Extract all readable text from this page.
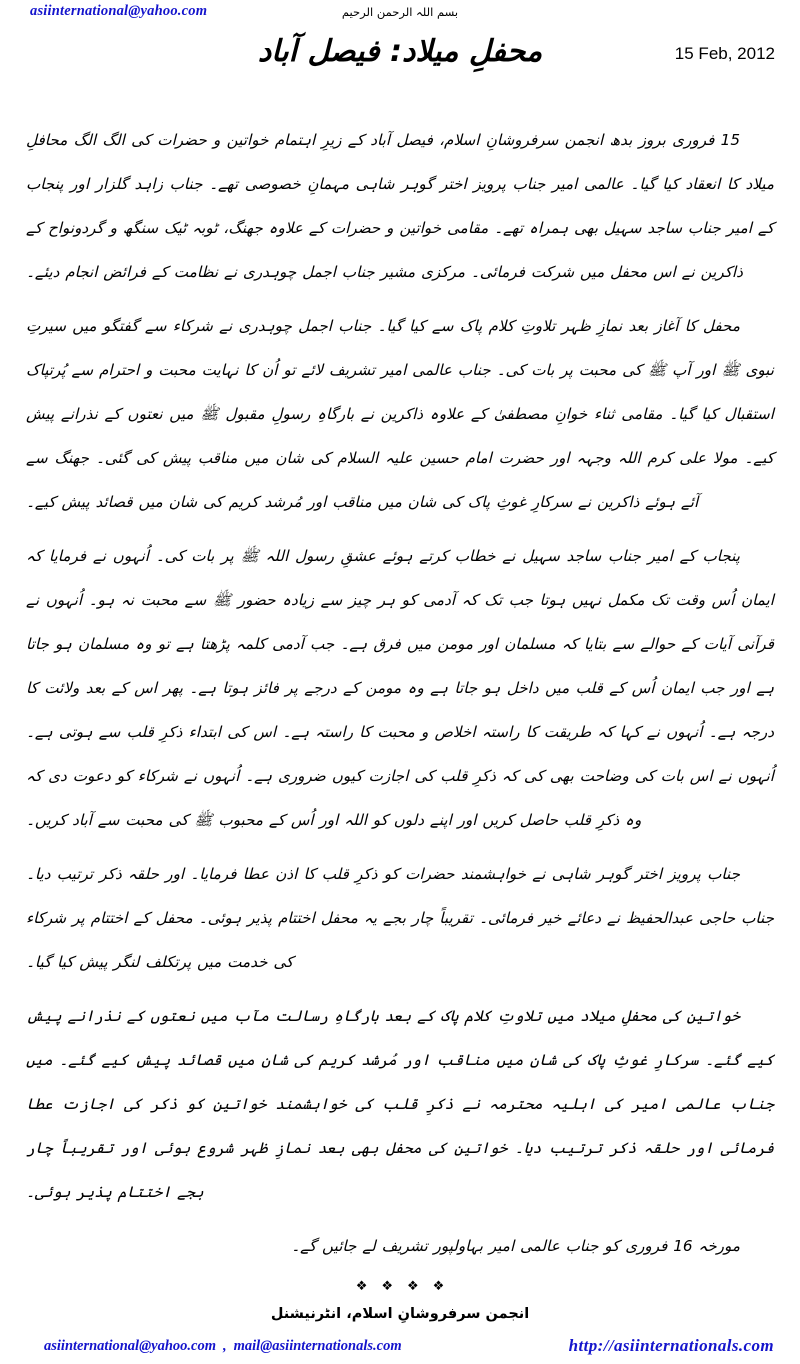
asiinternational@yahoo.com	بسم اللہ الرحمن الرحیم
محفلِ میلاد: فیصل آباد	15 Feb, 2012

15 فروری بروز بدھ انجمن سرفروشانِ اسلام، فیصل آباد کے زیرِ اہتمام خواتین و حضرات کی الگ الگ محافلِ میلاد کا انعقاد کیا گیا۔ عالمی امیر جناب پرویز اختر گوہر شاہی مہمانِ خصوصی تھے۔ جناب زاہد گلزار اور پنجاب کے امیر جناب ساجد سہیل بھی ہمراہ تھے۔ مقامی خواتین و حضرات کے علاوہ جھنگ، ٹوبہ ٹیک سنگھ و گردونواح کے ذاکرین نے اس محفل میں شرکت فرمائی۔ مرکزی مشیر جناب اجمل چوہدری نے نظامت کے فرائض انجام دیئے۔

محفل کا آغاز بعد نمازِ ظہر تلاوتِ کلام پاک سے کیا گیا۔ جناب اجمل چوہدری نے شرکاء سے گفتگو میں سیرتِ نبوی ﷺ اور آپ ﷺ کی محبت پر بات کی۔ جناب عالمی امیر تشریف لائے تو اُن کا نہایت محبت و احترام سے پُرتپاک استقبال کیا گیا۔ مقامی ثناء خوانِ مصطفیٰ کے علاوہ ذاکرین نے بارگاہِ رسولِ مقبول ﷺ میں نعتوں کے نذرانے پیش کیے۔ مولا علی کرم اللہ وجہہ اور حضرت امام حسین علیہ السلام کی شان میں مناقب پیش کی گئی۔ جھنگ سے آئے ہوئے ذاکرین نے سرکارِ غوثِ پاک کی شان میں مناقب اور مُرشد کریم کی شان میں قصائد پیش کیے۔

پنجاب کے امیر جناب ساجد سہیل نے خطاب کرتے ہوئے عشقِ رسول اللہ ﷺ پر بات کی۔ اُنہوں نے فرمایا کہ ایمان اُس وقت تک مکمل نہیں ہوتا جب تک کہ آدمی کو ہر چیز سے زیادہ حضور ﷺ سے محبت نہ ہو۔ اُنہوں نے قرآنی آیات کے حوالے سے بتایا کہ مسلمان اور مومن میں فرق ہے۔ جب آدمی کلمہ پڑھتا ہے تو وہ مسلمان ہو جاتا ہے اور جب ایمان اُس کے قلب میں داخل ہو جاتا ہے وہ مومن کے درجے پر فائز ہوتا ہے۔ پھر اس کے بعد ولائت کا درجہ ہے۔ اُنہوں نے کہا کہ طریقت کا راستہ اخلاص و محبت کا راستہ ہے۔ اس کی ابتداء ذکرِ قلب سے ہوتی ہے۔ اُنہوں نے اس بات کی وضاحت بھی کی کہ ذکرِ قلب کی اجازت کیوں ضروری ہے۔ اُنہوں نے شرکاء کو دعوت دی کہ وہ ذکرِ قلب حاصل کریں اور اپنے دلوں کو اللہ اور اُس کے محبوب ﷺ کی محبت سے آباد کریں۔

جناب پرویز اختر گوہر شاہی نے خواہشمند حضرات کو ذکرِ قلب کا اذن عطا فرمایا۔ اور حلقہ ذکر ترتیب دیا۔ جناب حاجی عبدالحفیظ نے دعائے خیر فرمائی۔ تقریباً چار بجے یہ محفل اختتام پذیر ہوئی۔ محفل کے اختتام پر شرکاء کی خدمت میں پرتکلف لنگر پیش کیا گیا۔

خواتین کی محفلِ میلاد میں تلاوتِ کلام پاک کے بعد بارگاہِ رسالت مآب میں نعتوں کے نذرانے پیش کیے گئے۔ سرکارِ غوثِ پاک کی شان میں مناقب اور مُرشد کریم کی شان میں قصائد پیش کیے گئے۔ میں جناب عالمی امیر کی اہلیہ محترمہ نے ذکرِ قلب کی خواہشمند خواتین کو ذکر کی اجازت عطا فرمائی اور حلقہ ذکر ترتیب دیا۔ خواتین کی محفل بھی بعد نمازِ ظہر شروع ہوئی اور تقریباً چار بجے اختتام پذیر ہوئی۔

مورخہ 16 فروری کو جناب عالمی امیر بہاولپور تشریف لے جائیں گے۔

❖ ❖ ❖ ❖
انجمن سرفروشانِ اسلام، انٹرنیشنل
asiinternational@yahoo.com , mail@asiinternationals.com	http://asiinternationals.com
